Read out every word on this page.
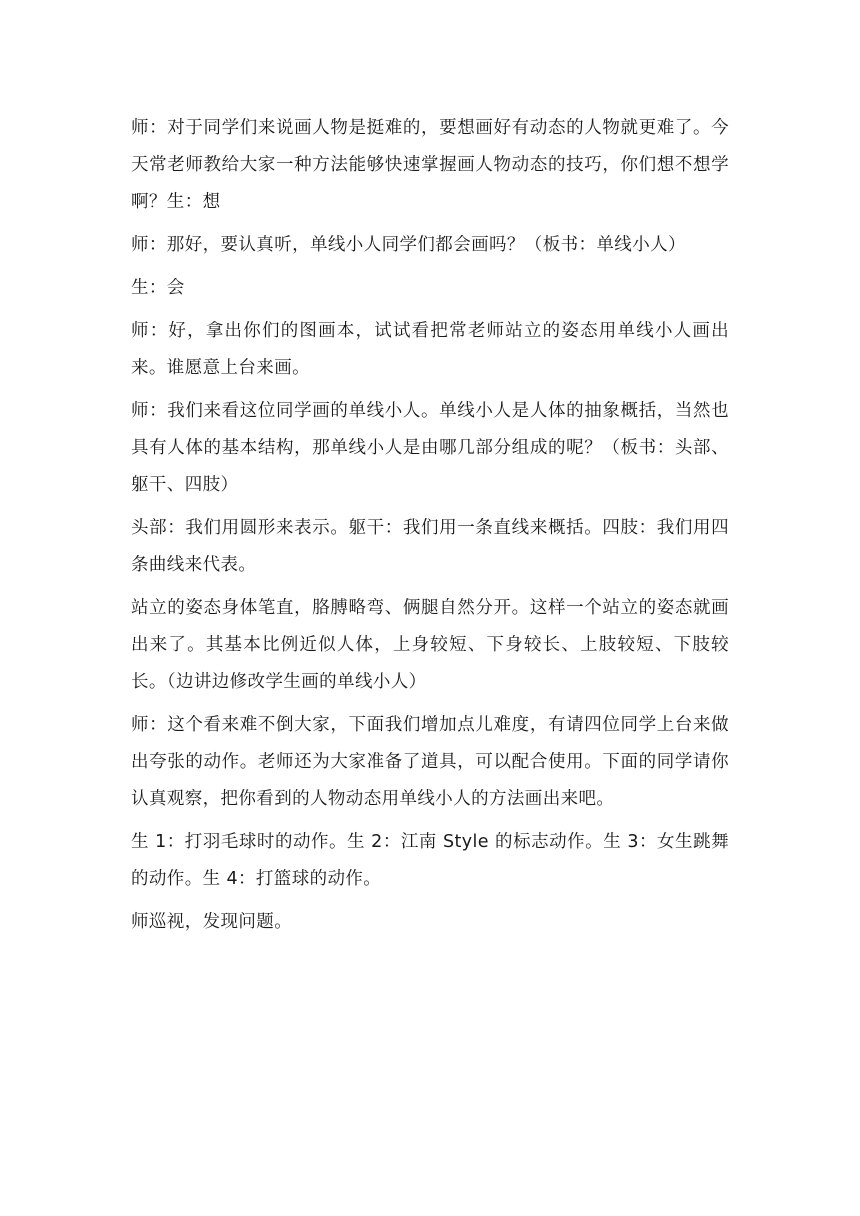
师：对于同学们来说画人物是挺难的，要想画好有动态的人物就更难了。今天常老师教给大家一种方法能够快速掌握画人物动态的技巧，你们想不想学啊？生：想

师：那好，要认真听，单线小人同学们都会画吗？（板书：单线小人）

生：会

师：好，拿出你们的图画本，试试看把常老师站立的姿态用单线小人画出来。谁愿意上台来画。

师：我们来看这位同学画的单线小人。单线小人是人体的抽象概括，当然也具有人体的基本结构，那单线小人是由哪几部分组成的呢？（板书：头部、躯干、四肢）

头部：我们用圆形来表示。躯干：我们用一条直线来概括。四肢：我们用四条曲线来代表。

站立的姿态身体笔直，胳膊略弯、俩腿自然分开。这样一个站立的姿态就画出来了。其基本比例近似人体，上身较短、下身较长、上肢较短、下肢较长。（边讲边修改学生画的单线小人）

师：这个看来难不倒大家，下面我们增加点儿难度，有请四位同学上台来做出夸张的动作。老师还为大家准备了道具，可以配合使用。下面的同学请你认真观察，把你看到的人物动态用单线小人的方法画出来吧。

生 1：打羽毛球时的动作。生 2：江南 Style 的标志动作。生 3：女生跳舞的动作。生 4：打篮球的动作。

师巡视，发现问题。
